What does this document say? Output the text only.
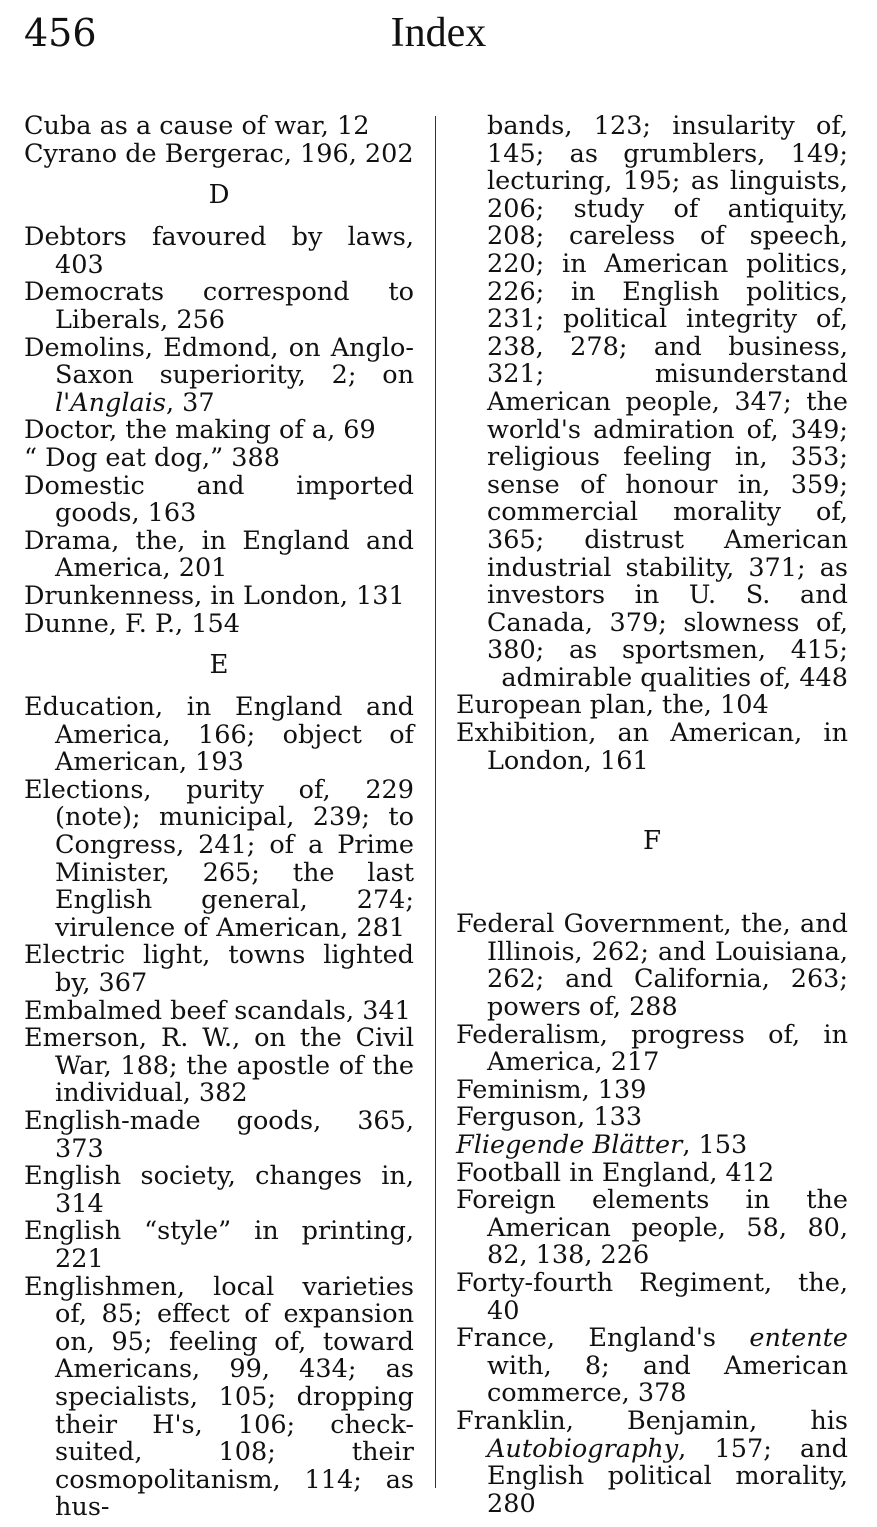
456	Index
Cuba as a cause of war, 12
Cyrano de Bergerac, 196, 202
D
Debtors favoured by laws, 403
Democrats correspond to Liberals, 256
Demolins, Edmond, on Anglo-Saxon superiority, 2; on l'Anglais, 37
Doctor, the making of a, 69
“ Dog eat dog,” 388
Domestic and imported goods, 163
Drama, the, in England and America, 201
Drunkenness, in London, 131
Dunne, F. P., 154
E
Education, in England and America, 166; object of American, 193
Elections, purity of, 229 (note); municipal, 239; to Congress, 241; of a Prime Minister, 265; the last English general, 274; virulence of American, 281
Electric light, towns lighted by, 367
Embalmed beef scandals, 341
Emerson, R. W., on the Civil War, 188; the apostle of the individual, 382
English-made goods, 365, 373
English society, changes in, 314
English “style” in printing, 221
Englishmen, local varieties of, 85; effect of expansion on, 95; feeling of, toward Americans, 99, 434; as specialists, 105; dropping their H's, 106; check-suited, 108; their cosmopolitanism, 114; as hus-
bands, 123; insularity of, 145; as grumblers, 149; lecturing, 195; as linguists, 206; study of antiquity, 208; careless of speech, 220; in American politics, 226; in English politics, 231; political integrity of, 238, 278; and business, 321; misunderstand American people, 347; the world's admiration of, 349; religious feeling in, 353; sense of honour in, 359; commercial morality of, 365; distrust American industrial stability, 371; as investors in U. S. and Canada, 379; slowness of, 380; as sportsmen, 415; admirable qualities of, 448
European plan, the, 104
Exhibition, an American, in London, 161
F
Federal Government, the, and Illinois, 262; and Louisiana, 262; and California, 263; powers of, 288
Federalism, progress of, in America, 217
Feminism, 139
Ferguson, 133
Fliegende Blätter, 153
Football in England, 412
Foreign elements in the American people, 58, 80, 82, 138, 226
Forty-fourth Regiment, the, 40
France, England's entente with, 8; and American commerce, 378
Franklin, Benjamin, his Autobiography, 157; and English political morality, 280
